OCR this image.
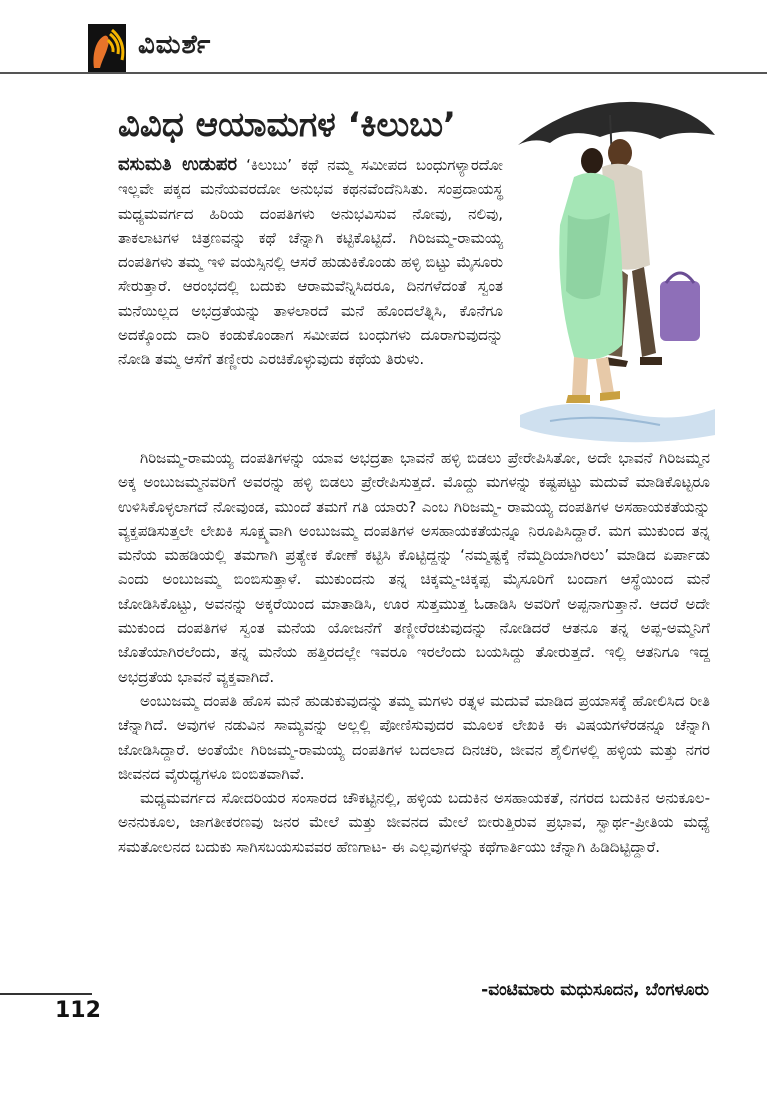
ವಿಮರ್ಶೆ
ವಿವಿಧ ಆಯಾಮಗಳ ‘ಕಿಲುಬು’

ವಸುಮತಿ ಉಡುಪರ ‘ಕಿಲುಬು’ ಕಥೆ ನಮ್ಮ ಸಮೀಪದ ಬಂಧುಗಳ್ಯಾರದೋ ಇಲ್ಲವೇ ಪಕ್ಕದ ಮನೆಯವರದೋ ಅನುಭವ ಕಥನವೆಂದೆನಿಸಿತು. ಸಂಪ್ರದಾಯಸ್ಥ ಮಧ್ಯಮವರ್ಗದ ಹಿರಿಯ ದಂಪತಿಗಳು ಅನುಭವಿಸುವ ನೋವು, ನಲಿವು, ತಾಕಲಾಟಗಳ ಚಿತ್ರಣವನ್ನು ಕಥೆ ಚೆನ್ನಾಗಿ ಕಟ್ಟಿಕೊಟ್ಟಿದೆ. ಗಿರಿಜಮ್ಮ-ರಾಮಯ್ಯ ದಂಪತಿಗಳು ತಮ್ಮ ಇಳಿ ವಯಸ್ಸಿನಲ್ಲಿ ಆಸರೆ ಹುಡುಕಿಕೊಂಡು ಹಳ್ಳಿ ಬಿಟ್ಟು ಮೈಸೂರು ಸೇರುತ್ತಾರೆ. ಆರಂಭದಲ್ಲಿ ಬದುಕು ಆರಾಮವೆನ್ನಿಸಿದರೂ, ದಿನಗಳೆದಂತೆ ಸ್ವಂತ ಮನೆಯಿಲ್ಲದ ಅಭದ್ರತೆಯನ್ನು ತಾಳಲಾರದೆ ಮನೆ ಹೊಂದಲೆತ್ನಿಸಿ, ಕೊನೆಗೂ ಅದಕ್ಕೊಂದು ದಾರಿ ಕಂಡುಕೊಂಡಾಗ ಸಮೀಪದ ಬಂಧುಗಳು ದೂರಾಗುವುದನ್ನು ನೋಡಿ ತಮ್ಮ ಆಸೆಗೆ ತಣ್ಣೀರು ಎರಚಿಕೊಳ್ಳುವುದು ಕಥೆಯ ತಿರುಳು.

ಗಿರಿಜಮ್ಮ-ರಾಮಯ್ಯ ದಂಪತಿಗಳನ್ನು ಯಾವ ಅಭದ್ರತಾ ಭಾವನೆ ಹಳ್ಳಿ ಬಿಡಲು ಪ್ರೇರೇಪಿಸಿತೋ, ಅದೇ ಭಾವನೆ ಗಿರಿಜಮ್ಮನ ಅಕ್ಕ ಅಂಬುಜಮ್ಮನವರಿಗೆ ಅವರನ್ನು ಹಳ್ಳಿ ಬಿಡಲು ಪ್ರೇರೇಪಿಸುತ್ತದೆ. ಮೊದ್ದು ಮಗಳನ್ನು ಕಷ್ಟಪಟ್ಟು ಮದುವೆ ಮಾಡಿಕೊಟ್ಟರೂ ಉಳಿಸಿಕೊಳ್ಳಲಾಗದೆ ನೋವುಂಡ, ಮುಂದೆ ತಮಗೆ ಗತಿ ಯಾರು? ಎಂಬ ಗಿರಿಜಮ್ಮ- ರಾಮಯ್ಯ ದಂಪತಿಗಳ ಅಸಹಾಯಕತೆಯನ್ನು ವ್ಯಕ್ತಪಡಿಸುತ್ತಲೇ ಲೇಖಕಿ ಸೂಕ್ಷ್ಮವಾಗಿ ಅಂಬುಜಮ್ಮ ದಂಪತಿಗಳ ಅಸಹಾಯಕತೆಯನ್ನೂ ನಿರೂಪಿಸಿದ್ದಾರೆ. ಮಗ ಮುಕುಂದ ತನ್ನ ಮನೆಯ ಮಹಡಿಯಲ್ಲಿ ತಮಗಾಗಿ ಪ್ರತ್ಯೇಕ ಕೋಣೆ ಕಟ್ಟಿಸಿ ಕೊಟ್ಟಿದ್ದನ್ನು ‘ನಮ್ಮಷ್ಟಕ್ಕೆ ನೆಮ್ಮದಿಯಾಗಿರಲು’ ಮಾಡಿದ ಏರ್ಪಾಡು ಎಂದು ಅಂಬುಜಮ್ಮ ಬಿಂಬಿಸುತ್ತಾಳೆ. ಮುಕುಂದನು ತನ್ನ ಚಿಕ್ಕಮ್ಮ-ಚಿಕ್ಕಪ್ಪ ಮೈಸೂರಿಗೆ ಬಂದಾಗ ಆಸ್ಥೆಯಿಂದ ಮನೆ ಜೋಡಿಸಿಕೊಟ್ಟು, ಅವನನ್ನು ಅಕ್ಕರೆಯಿಂದ ಮಾತಾಡಿಸಿ, ಊರ ಸುತ್ತಮುತ್ತ ಓಡಾಡಿಸಿ ಅವರಿಗೆ ಅಪ್ಪನಾಗುತ್ತಾನೆ. ಆದರೆ ಅದೇ ಮುಕುಂದ ದಂಪತಿಗಳ ಸ್ವಂತ ಮನೆಯ ಯೋಜನೆಗೆ ತಣ್ಣೀರೆರಚುವುದನ್ನು ನೋಡಿದರೆ ಆತನೂ ತನ್ನ ಅಪ್ಪ-ಅಮ್ಮನಿಗೆ ಜೊತೆಯಾಗಿರಲೆಂದು, ತನ್ನ ಮನೆಯ ಹತ್ತಿರದಲ್ಲೇ ಇವರೂ ಇರಲೆಂದು ಬಯಸಿದ್ದು ತೋರುತ್ತದೆ. ಇಲ್ಲಿ ಆತನಿಗೂ ಇದ್ದ ಅಭದ್ರತೆಯ ಭಾವನೆ ವ್ಯಕ್ತವಾಗಿದೆ.

ಅಂಬುಜಮ್ಮ ದಂಪತಿ ಹೊಸ ಮನೆ ಹುಡುಕುವುದನ್ನು ತಮ್ಮ ಮಗಳು ರತ್ನಳ ಮದುವೆ ಮಾಡಿದ ಪ್ರಯಾಸಕ್ಕೆ ಹೋಲಿಸಿದ ರೀತಿ ಚೆನ್ನಾಗಿದೆ. ಅವುಗಳ ನಡುವಿನ ಸಾಮ್ಯವನ್ನು ಅಲ್ಲಲ್ಲಿ ಪೋಣಿಸುವುದರ ಮೂಲಕ ಲೇಖಕಿ ಈ ವಿಷಯಗಳೆರಡನ್ನೂ ಚೆನ್ನಾಗಿ ಜೋಡಿಸಿದ್ದಾರೆ. ಅಂತೆಯೇ ಗಿರಿಜಮ್ಮ-ರಾಮಯ್ಯ ದಂಪತಿಗಳ ಬದಲಾದ ದಿನಚರಿ, ಜೀವನ ಶೈಲಿಗಳಲ್ಲಿ ಹಳ್ಳಿಯ ಮತ್ತು ನಗರ ಜೀವನದ ವೈರುಧ್ಯಗಳೂ ಬಿಂಬಿತವಾಗಿವೆ.

ಮಧ್ಯಮವರ್ಗದ ಸೋದರಿಯರ ಸಂಸಾರದ ಚೌಕಟ್ಟಿನಲ್ಲಿ, ಹಳ್ಳಿಯ ಬದುಕಿನ ಅಸಹಾಯಕತೆ, ನಗರದ ಬದುಕಿನ ಅನುಕೂಲ-ಅನನುಕೂಲ, ಜಾಗತೀಕರಣವು ಜನರ ಮೇಲೆ ಮತ್ತು ಜೀವನದ ಮೇಲೆ ಬೀರುತ್ತಿರುವ ಪ್ರಭಾವ, ಸ್ವಾರ್ಥ-ಪ್ರೀತಿಯ ಮಧ್ಯೆ ಸಮತೋಲನದ ಬದುಕು ಸಾಗಿಸಬಯಸುವವರ ಹೆಣಗಾಟ- ಈ ಎಲ್ಲವುಗಳನ್ನು ಕಥೆಗಾರ್ತಿಯು ಚೆನ್ನಾಗಿ ಹಿಡಿದಿಟ್ಟಿದ್ದಾರೆ.

-ವಂಟಿಮಾರು ಮಧುಸೂದನ, ಬೆಂಗಳೂರು
112
